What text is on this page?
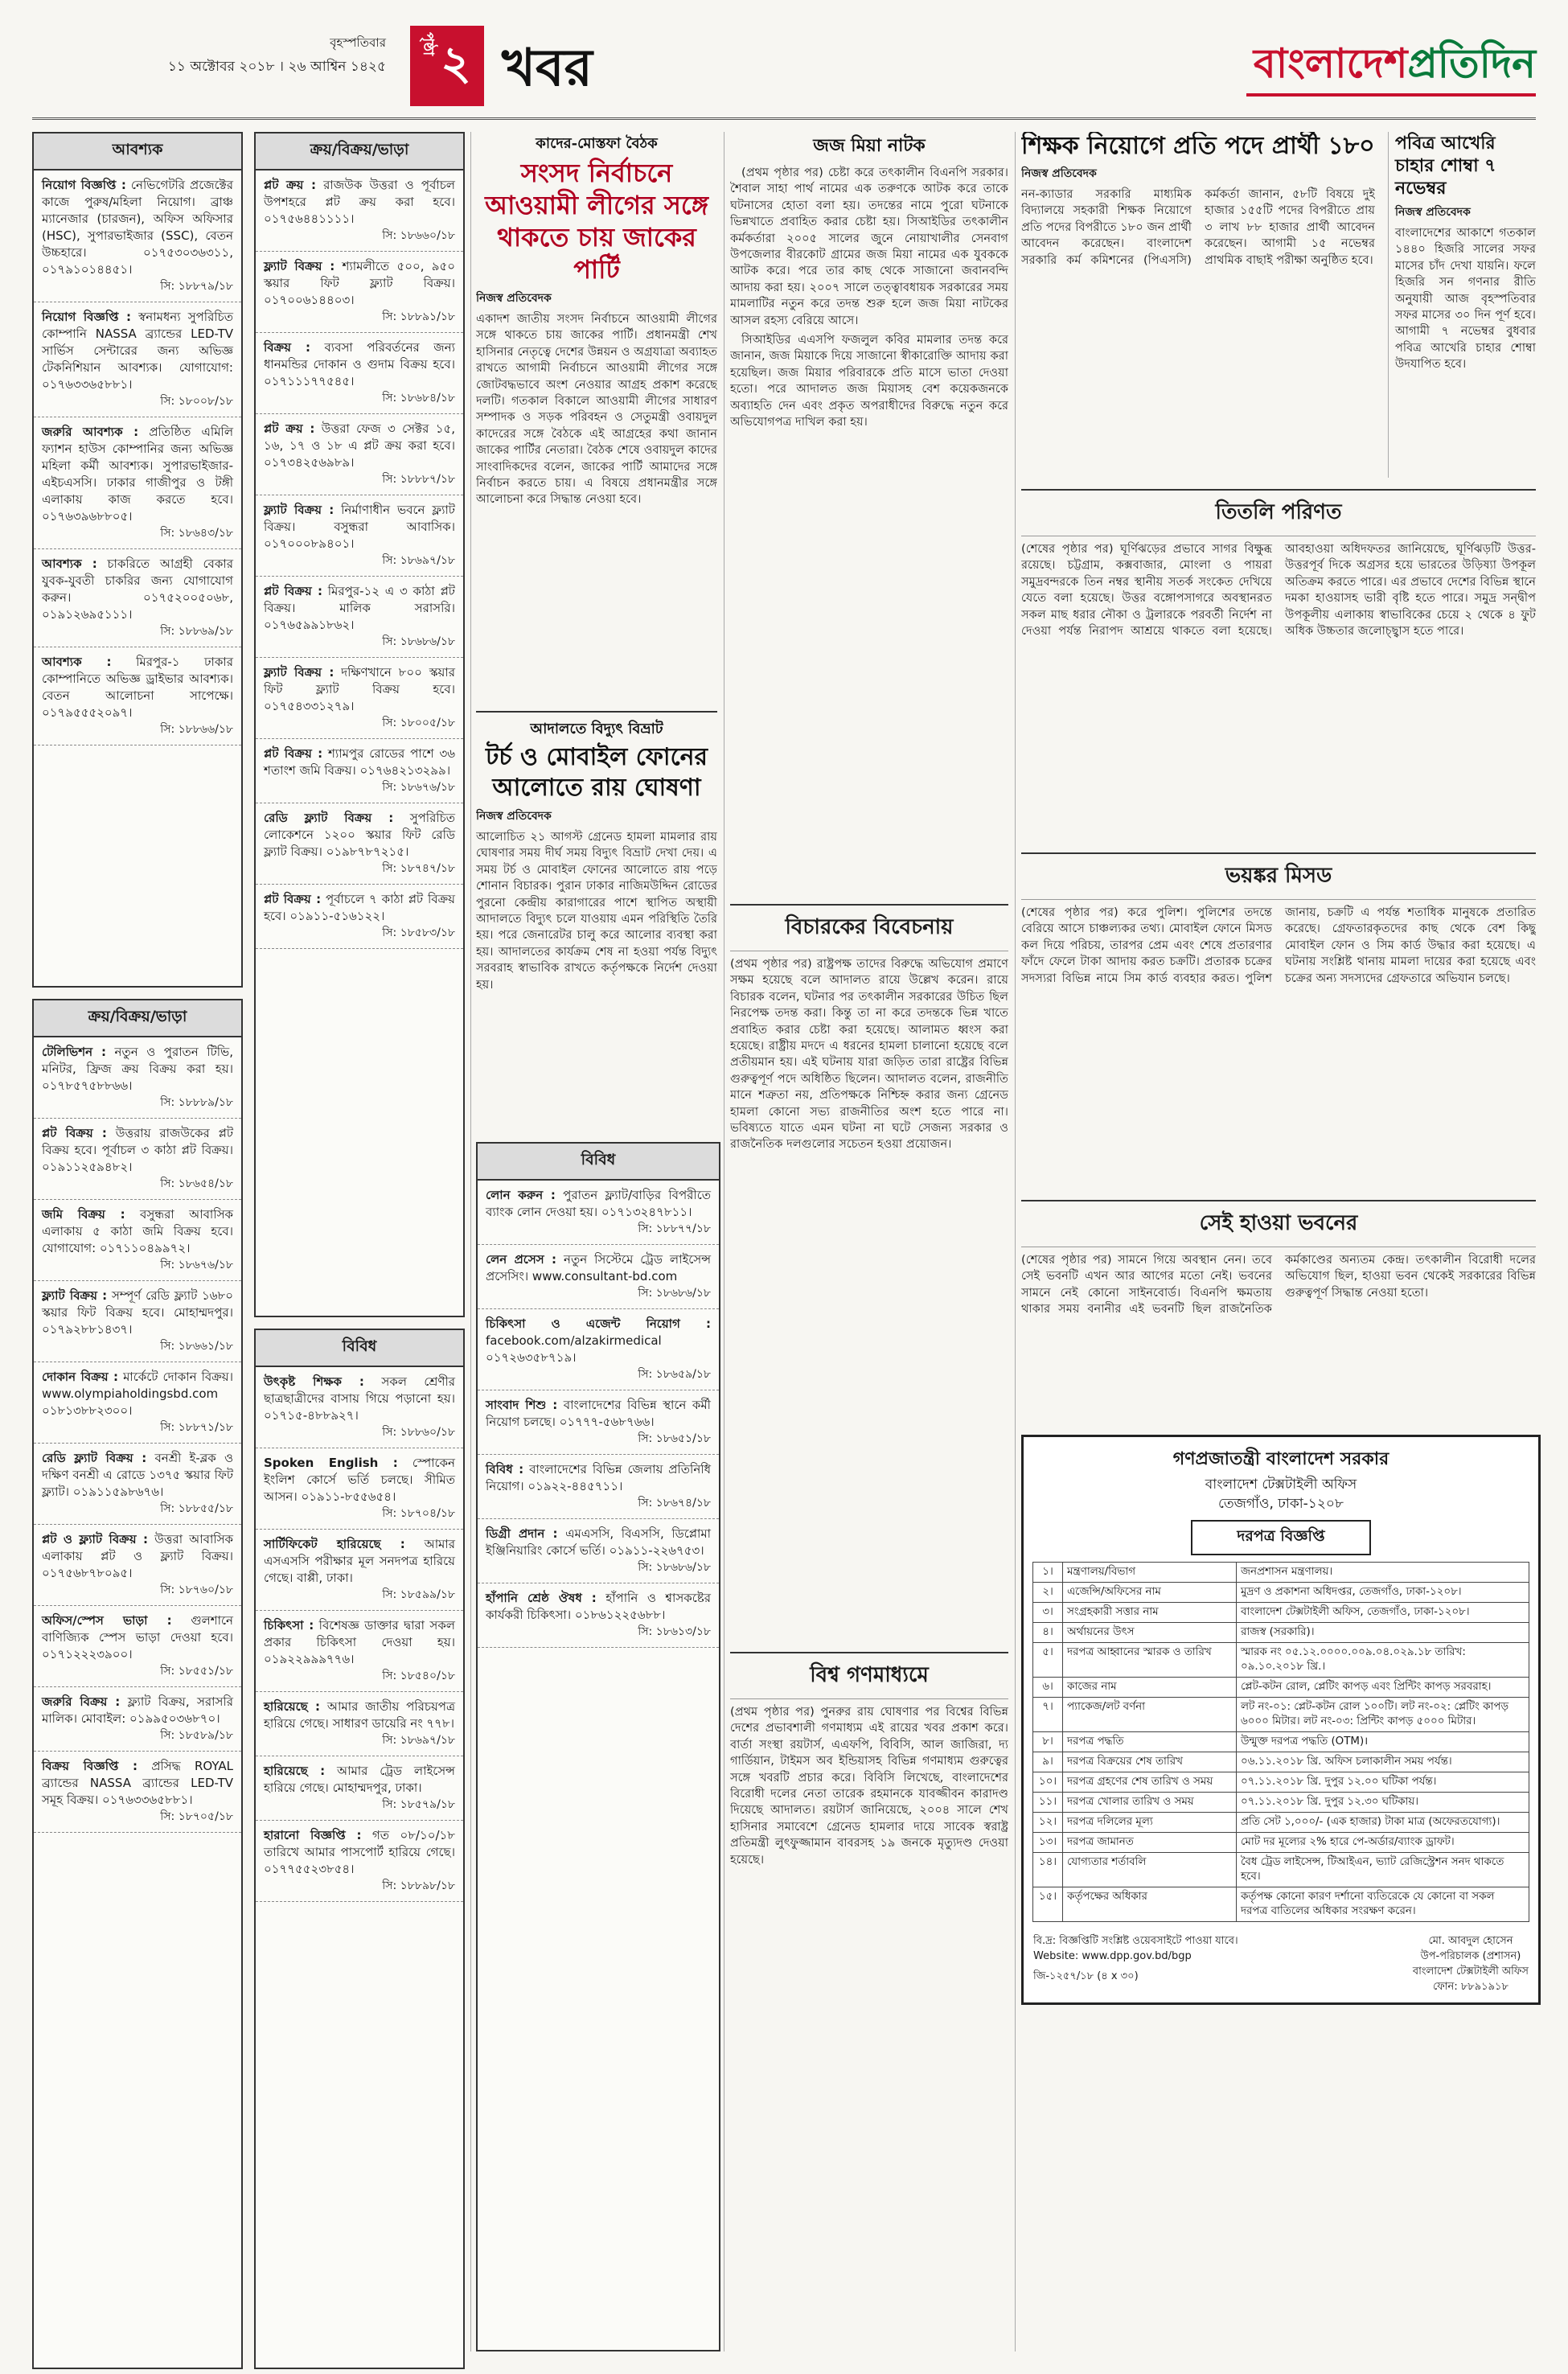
বৃহস্পতিবার
১১ অক্টোবর ২০১৮ । ২৬ আশ্বিন ১৪২৫
পৃষ্ঠা ২ খবর	বাংলাদেশপ্রতিদিন
আবশ্যক
নিয়োগ বিজ্ঞপ্তি : নেভিগেটরি প্রজেক্টের কাজে পুরুষ/মহিলা নিয়োগ। ব্রাঞ্চ ম্যানেজার (চারজন), অফিস অফিসার (HSC), সুপারভাইজার (SSC), বেতন উচ্চহারে। ০১৭৫৩০৩৬৩১১, ০১৭৯১০১৪৪৫১।
সি: ১৮৮৭৯/১৮
নিয়োগ বিজ্ঞপ্তি : স্বনামধন্য সুপরিচিত কোম্পানি NASSA ব্র্যান্ডের LED-TV সার্ভিস সেন্টারের জন্য অভিজ্ঞ টেকনিশিয়ান আবশ্যক। যোগাযোগ: ০১৭৬৩৩৬৫৮৮১।
সি: ১৮০০৮/১৮
জরুরি আবশ্যক : প্রতিষ্ঠিত এমিলি ফ্যাশন হাউস কোম্পানির জন্য অভিজ্ঞ মহিলা কর্মী আবশ্যক। সুপারভাইজার-এইচএসসি। ঢাকার গাজীপুর ও টঙ্গী এলাকায় কাজ করতে হবে। ০১৭৬৩৯৬৮৮০৫।
সি: ১৮৬৪৩/১৮
আবশ্যক : চাকরিতে আগ্রহী বেকার যুবক-যুবতী চাকরির জন্য যোগাযোগ করুন। ০১৭৫২০০৫০৬৮, ০১৯১২৬৯৫১১১।
সি: ১৮৮৬৯/১৮
আবশ্যক : মিরপুর-১ ঢাকার কোম্পানিতে অভিজ্ঞ ড্রাইভার আবশ্যক। বেতন আলোচনা সাপেক্ষে। ০১৭৯৫৫৫২০৯৭।
সি: ১৮৮৬৬/১৮
ক্রয়/বিক্রয়/ভাড়া
টেলিভিশন : নতুন ও পুরাতন টিভি, মনিটর, ফ্রিজ ক্রয় বিক্রয় করা হয়। ০১৭৮৫৭৫৮৮৬৬।
সি: ১৮৮৮৯/১৮
প্লট বিক্রয় : উত্তরায় রাজউকের প্লট বিক্রয় হবে। পূর্বাচল ৩ কাঠা প্লট বিক্রয়। ০১৯১১২৫৯৪৮২।
সি: ১৮৬৫৪/১৮
জমি বিক্রয় : বসুন্ধরা আবাসিক এলাকায় ৫ কাঠা জমি বিক্রয় হবে। যোগাযোগ: ০১৭১১০৪৯৯৭২।
সি: ১৮৬৭৬/১৮
ফ্ল্যাট বিক্রয় : সম্পূর্ণ রেডি ফ্ল্যাট ১৬৮০ স্কয়ার ফিট বিক্রয় হবে। মোহাম্মদপুর। ০১৭৯২৮৮১৪৩৭।
সি: ১৮৬৬১/১৮
দোকান বিক্রয় : মার্কেটে দোকান বিক্রয়। www.olympiaholdingsbd.com ০১৮১৩৮৮২৩০০।
সি: ১৮৮৭১/১৮
রেডি ফ্ল্যাট বিক্রয় : বনশ্রী ই-ব্লক ও দক্ষিণ বনশ্রী এ রোডে ১৩৭৫ স্কয়ার ফিট ফ্ল্যাট। ০১৯১১৫৯৮৬৭৬।
সি: ১৮৮৫৫/১৮
প্লট ও ফ্ল্যাট বিক্রয় : উত্তরা আবাসিক এলাকায় প্লট ও ফ্ল্যাট বিক্রয়। ০১৭৫৬৮৭৮০৯৫।
সি: ১৮৭৬০/১৮
অফিস/স্পেস ভাড়া : গুলশানে বাণিজ্যিক স্পেস ভাড়া দেওয়া হবে। ০১৭১২২২৩৯০০।
সি: ১৮৫৫১/১৮
জরুরি বিক্রয় : ফ্ল্যাট বিক্রয়, সরাসরি মালিক। মোবাইল: ০১৯৯৫০৩৬৮৭০।
সি: ১৮৫৮৯/১৮
বিক্রয় বিজ্ঞপ্তি : প্রসিদ্ধ ROYAL ব্র্যান্ডের NASSA ব্র্যান্ডের LED-TV সমূহ বিক্রয়। ০১৭৬৩৩৬৫৮৮১।
সি: ১৮৭০৫/১৮
ক্রয়/বিক্রয়/ভাড়া
প্লট ক্রয় : রাজউক উত্তরা ও পূর্বাচল উপশহরে প্লট ক্রয় করা হবে। ০১৭৫৬৪৪১১১১।
সি: ১৮৬৬০/১৮
ফ্ল্যাট বিক্রয় : শ্যামলীতে ৫০০, ৯৫০ স্কয়ার ফিট ফ্ল্যাট বিক্রয়। ০১৭০০৬১৪৪০৩।
সি: ১৮৮৯১/১৮
বিক্রয় : ব্যবসা পরিবর্তনের জন্য ধানমন্ডির দোকান ও গুদাম বিক্রয় হবে। ০১৭১১১৭৭৫৪৫।
সি: ১৮৬৮৪/১৮
প্লট ক্রয় : উত্তরা ফেজ ৩ সেক্টর ১৫, ১৬, ১৭ ও ১৮ এ প্লট ক্রয় করা হবে। ০১৭৩৪২৫৬৯৮৯।
সি: ১৮৮৮৭/১৮
ফ্ল্যাট বিক্রয় : নির্মাণাধীন ভবনে ফ্ল্যাট বিক্রয়। বসুন্ধরা আবাসিক। ০১৭০০০৮৯৪০১।
সি: ১৮৬৯৭/১৮
প্লট বিক্রয় : মিরপুর-১২ এ ৩ কাঠা প্লট বিক্রয়। মালিক সরাসরি। ০১৭৬৫৯৯১৮৬২।
সি: ১৮৬৮৬/১৮
ফ্ল্যাট বিক্রয় : দক্ষিণখানে ৮০০ স্কয়ার ফিট ফ্ল্যাট বিক্রয় হবে। ০১৭৫৪৩৩১২৭৯।
সি: ১৮০০৫/১৮
প্লট বিক্রয় : শ্যামপুর রোডের পাশে ৩৬ শতাংশ জমি বিক্রয়। ০১৭৬৪২১৩২৯৯।
সি: ১৮৬৭৬/১৮
রেডি ফ্ল্যাট বিক্রয় : সুপরিচিত লোকেশনে ১২০০ স্কয়ার ফিট রেডি ফ্ল্যাট বিক্রয়। ০১৯৮৭৮৭২১৫।
সি: ১৮৭৪৭/১৮
প্লট বিক্রয় : পূর্বাচলে ৭ কাঠা প্লট বিক্রয় হবে। ০১৯১১-৫১৬১২২।
সি: ১৮৫৮৩/১৮
বিবিধ
উৎকৃষ্ট শিক্ষক : সকল শ্রেণীর ছাত্রছাত্রীদের বাসায় গিয়ে পড়ানো হয়। ০১৭১৫-৪৮৮৯২৭।
সি: ১৮৮৬০/১৮
Spoken English : স্পোকেন ইংলিশ কোর্সে ভর্তি চলছে। সীমিত আসন। ০১৯১১-৮৫৫৬৫৪।
সি: ১৮৭০৪/১৮
সার্টিফিকেট হারিয়েছে : আমার এসএসসি পরীক্ষার মূল সনদপত্র হারিয়ে গেছে। বাপ্পী, ঢাকা।
সি: ১৮৫৯৯/১৮
চিকিৎসা : বিশেষজ্ঞ ডাক্তার দ্বারা সকল প্রকার চিকিৎসা দেওয়া হয়। ০১৯২২৯৯৯৭৭৬।
সি: ১৮৫৪০/১৮
হারিয়েছে : আমার জাতীয় পরিচয়পত্র হারিয়ে গেছে। সাধারণ ডায়েরি নং ৭৭৮।
সি: ১৮৬৯৭/১৮
হারিয়েছে : আমার ট্রেড লাইসেন্স হারিয়ে গেছে। মোহাম্মদপুর, ঢাকা।
সি: ১৮৫৭৯/১৮
হারানো বিজ্ঞপ্তি : গত ০৮/১০/১৮ তারিখে আমার পাসপোর্ট হারিয়ে গেছে। ০১৭৭৫৫২৩৮৫৪।
সি: ১৮৮৯৮/১৮
কাদের-মোস্তফা বৈঠক
সংসদ নির্বাচনে আওয়ামী লীগের সঙ্গে থাকতে চায় জাকের পার্টি
নিজস্ব প্রতিবেদক
একাদশ জাতীয় সংসদ নির্বাচনে আওয়ামী লীগের সঙ্গে থাকতে চায় জাকের পার্টি। প্রধানমন্ত্রী শেখ হাসিনার নেতৃত্বে দেশের উন্নয়ন ও অগ্রযাত্রা অব্যাহত রাখতে আগামী নির্বাচনে আওয়ামী লীগের সঙ্গে জোটবদ্ধভাবে অংশ নেওয়ার আগ্রহ প্রকাশ করেছে দলটি। গতকাল বিকালে আওয়ামী লীগের সাধারণ সম্পাদক ও সড়ক পরিবহন ও সেতুমন্ত্রী ওবায়দুল কাদেরের সঙ্গে বৈঠকে এই আগ্রহের কথা জানান জাকের পার্টির নেতারা। বৈঠক শেষে ওবায়দুল কাদের সাংবাদিকদের বলেন, জাকের পার্টি আমাদের সঙ্গে নির্বাচন করতে চায়। এ বিষয়ে প্রধানমন্ত্রীর সঙ্গে আলোচনা করে সিদ্ধান্ত নেওয়া হবে।
আদালতে বিদ্যুৎ বিভ্রাট
টর্চ ও মোবাইল ফোনের আলোতে রায় ঘোষণা
নিজস্ব প্রতিবেদক
আলোচিত ২১ আগস্ট গ্রেনেড হামলা মামলার রায় ঘোষণার সময় দীর্ঘ সময় বিদ্যুৎ বিভ্রাট দেখা দেয়। এ সময় টর্চ ও মোবাইল ফোনের আলোতে রায় পড়ে শোনান বিচারক। পুরান ঢাকার নাজিমউদ্দিন রোডের পুরনো কেন্দ্রীয় কারাগারের পাশে স্থাপিত অস্থায়ী আদালতে বিদ্যুৎ চলে যাওয়ায় এমন পরিস্থিতি তৈরি হয়। পরে জেনারেটর চালু করে আলোর ব্যবস্থা করা হয়। আদালতের কার্যক্রম শেষ না হওয়া পর্যন্ত বিদ্যুৎ সরবরাহ স্বাভাবিক রাখতে কর্তৃপক্ষকে নির্দেশ দেওয়া হয়।
বিবিধ
লোন করুন : পুরাতন ফ্ল্যাট/বাড়ির বিপরীতে ব্যাংক লোন দেওয়া হয়। ০১৭১৩২৪৭৮১১।
সি: ১৮৮৭৭/১৮
লেন প্রসেস : নতুন সিস্টেমে ট্রেড লাইসেন্স প্রসেসিং। www.consultant-bd.com
সি: ১৮৬৮৬/১৮
চিকিৎসা ও এজেন্ট নিয়োগ : facebook.com/alzakirmedical ০১৭২৬৩৫৮৭১৯।
সি: ১৮৬৫৯/১৮
সাংবাদ শিশু : বাংলাদেশের বিভিন্ন স্থানে কর্মী নিয়োগ চলছে। ০১৭৭৭-৫৬৮৭৬৬।
সি: ১৮৬৫১/১৮
বিবিধ : বাংলাদেশের বিভিন্ন জেলায় প্রতিনিধি নিয়োগ। ০১৯২২-৪৪৫৭১১।
সি: ১৮৬৭৪/১৮
ডিগ্রী প্রদান : এমএসসি, বিএসসি, ডিপ্লোমা ইঞ্জিনিয়ারিং কোর্সে ভর্তি। ০১৯১১-২২৬৭৫৩।
সি: ১৮৬৮৬/১৮
হাঁপানি শ্রেষ্ঠ ঔষধ : হাঁপানি ও শ্বাসকষ্টের কার্যকরী চিকিৎসা। ০১৮৬১২২৫৬৮৮।
সি: ১৮৬১৩/১৮
জজ মিয়া নাটক

(প্রথম পৃষ্ঠার পর) চেষ্টা করে তৎকালীন বিএনপি সরকার। শৈবাল সাহা পার্থ নামের এক তরুণকে আটক করে তাকে ঘটনাসের হোতা বলা হয়। তদন্তের নামে পুরো ঘটনাকে ভিন্নখাতে প্রবাহিত করার চেষ্টা হয়। সিআইডির তৎকালীন কর্মকর্তারা ২০০৫ সালের জুনে নোয়াখালীর সেনবাগ উপজেলার বীরকোট গ্রামের জজ মিয়া নামের এক যুবককে আটক করে। পরে তার কাছ থেকে সাজানো জবানবন্দি আদায় করা হয়। ২০০৭ সালে তত্ত্বাবধায়ক সরকারের সময় মামলাটির নতুন করে তদন্ত শুরু হলে জজ মিয়া নাটকের আসল রহস্য বেরিয়ে আসে।

সিআইডির এএসপি ফজলুল কবির মামলার তদন্ত করে জানান, জজ মিয়াকে দিয়ে সাজানো স্বীকারোক্তি আদায় করা হয়েছিল। জজ মিয়ার পরিবারকে প্রতি মাসে ভাতা দেওয়া হতো। পরে আদালত জজ মিয়াসহ বেশ কয়েকজনকে অব্যাহতি দেন এবং প্রকৃত অপরাধীদের বিরুদ্ধে নতুন করে অভিযোগপত্র দাখিল করা হয়।

বিচারকের বিবেচনায়
(প্রথম পৃষ্ঠার পর) রাষ্ট্রপক্ষ তাদের বিরুদ্ধে অভিযোগ প্রমাণে সক্ষম হয়েছে বলে আদালত রায়ে উল্লেখ করেন। রায়ে বিচারক বলেন, ঘটনার পর তৎকালীন সরকারের উচিত ছিল নিরপেক্ষ তদন্ত করা। কিন্তু তা না করে তদন্তকে ভিন্ন খাতে প্রবাহিত করার চেষ্টা করা হয়েছে। আলামত ধ্বংস করা হয়েছে। রাষ্ট্রীয় মদদে এ ধরনের হামলা চালানো হয়েছে বলে প্রতীয়মান হয়। এই ঘটনায় যারা জড়িত তারা রাষ্ট্রের বিভিন্ন গুরুত্বপূর্ণ পদে অধিষ্ঠিত ছিলেন। আদালত বলেন, রাজনীতি মানে শত্রুতা নয়, প্রতিপক্ষকে নিশ্চিহ্ন করার জন্য গ্রেনেড হামলা কোনো সভ্য রাজনীতির অংশ হতে পারে না। ভবিষ্যতে যাতে এমন ঘটনা না ঘটে সেজন্য সরকার ও রাজনৈতিক দলগুলোর সচেতন হওয়া প্রয়োজন।
বিশ্ব গণমাধ্যমে
(প্রথম পৃষ্ঠার পর) পুনরুর রায় ঘোষণার পর বিশ্বের বিভিন্ন দেশের প্রভাবশালী গণমাধ্যম এই রায়ের খবর প্রকাশ করে। বার্তা সংস্থা রয়টার্স, এএফপি, বিবিসি, আল জাজিরা, দ্য গার্ডিয়ান, টাইমস অব ইন্ডিয়াসহ বিভিন্ন গণমাধ্যম গুরুত্বের সঙ্গে খবরটি প্রচার করে। বিবিসি লিখেছে, বাংলাদেশের বিরোধী দলের নেতা তারেক রহমানকে যাবজ্জীবন কারাদণ্ড দিয়েছে আদালত। রয়টার্স জানিয়েছে, ২০০৪ সালে শেখ হাসিনার সমাবেশে গ্রেনেড হামলার দায়ে সাবেক স্বরাষ্ট্র প্রতিমন্ত্রী লুৎফুজ্জামান বাবরসহ ১৯ জনকে মৃত্যুদণ্ড দেওয়া হয়েছে।
শিক্ষক নিয়োগে প্রতি পদে প্রার্থী ১৮০
নিজস্ব প্রতিবেদক
নন-ক্যাডার সরকারি মাধ্যমিক বিদ্যালয়ে সহকারী শিক্ষক নিয়োগে প্রতি পদের বিপরীতে ১৮০ জন প্রার্থী আবেদন করেছেন। বাংলাদেশ সরকারি কর্ম কমিশনের (পিএসসি) কর্মকর্তা জানান, ৫৮টি বিষয়ে দুই হাজার ১৫৫টি পদের বিপরীতে প্রায় ৩ লাখ ৮৮ হাজার প্রার্থী আবেদন করেছেন। আগামী ১৫ নভেম্বর প্রাথমিক বাছাই পরীক্ষা অনুষ্ঠিত হবে।
পবিত্র আখেরি চাহার শোম্বা ৭ নভেম্বর
নিজস্ব প্রতিবেদক
বাংলাদেশের আকাশে গতকাল ১৪৪০ হিজরি সালের সফর মাসের চাঁদ দেখা যায়নি। ফলে হিজরি সন গণনার রীতি অনুযায়ী আজ বৃহস্পতিবার সফর মাসের ৩০ দিন পূর্ণ হবে। আগামী ৭ নভেম্বর বুধবার পবিত্র আখেরি চাহার শোম্বা উদযাপিত হবে।
তিতলি পরিণত
(শেষের পৃষ্ঠার পর) ঘূর্ণিঝড়ের প্রভাবে সাগর বিক্ষুব্ধ রয়েছে। চট্টগ্রাম, কক্সবাজার, মোংলা ও পায়রা সমুদ্রবন্দরকে তিন নম্বর স্থানীয় সতর্ক সংকেত দেখিয়ে যেতে বলা হয়েছে। উত্তর বঙ্গোপসাগরে অবস্থানরত সকল মাছ ধরার নৌকা ও ট্রলারকে পরবর্তী নির্দেশ না দেওয়া পর্যন্ত নিরাপদ আশ্রয়ে থাকতে বলা হয়েছে। আবহাওয়া অধিদফতর জানিয়েছে, ঘূর্ণিঝড়টি উত্তর-উত্তরপূর্ব দিকে অগ্রসর হয়ে ভারতের উড়িষ্যা উপকূল অতিক্রম করতে পারে। এর প্রভাবে দেশের বিভিন্ন স্থানে দমকা হাওয়াসহ ভারী বৃষ্টি হতে পারে। সমুদ্র সন্দ্বীপ উপকূলীয় এলাকায় স্বাভাবিকের চেয়ে ২ থেকে ৪ ফুট অধিক উচ্চতার জলোচ্ছ্বাস হতে পারে।
ভয়ঙ্কর মিসড
(শেষের পৃষ্ঠার পর) করে পুলিশ। পুলিশের তদন্তে বেরিয়ে আসে চাঞ্চল্যকর তথ্য। মোবাইল ফোনে মিসড কল দিয়ে পরিচয়, তারপর প্রেম এবং শেষে প্রতারণার ফাঁদে ফেলে টাকা আদায় করত চক্রটি। প্রতারক চক্রের সদস্যরা বিভিন্ন নামে সিম কার্ড ব্যবহার করত। পুলিশ জানায়, চক্রটি এ পর্যন্ত শতাধিক মানুষকে প্রতারিত করেছে। গ্রেফতারকৃতদের কাছ থেকে বেশ কিছু মোবাইল ফোন ও সিম কার্ড উদ্ধার করা হয়েছে। এ ঘটনায় সংশ্লিষ্ট থানায় মামলা দায়ের করা হয়েছে এবং চক্রের অন্য সদস্যদের গ্রেফতারে অভিযান চলছে।
সেই হাওয়া ভবনের
(শেষের পৃষ্ঠার পর) সামনে গিয়ে অবস্থান নেন। তবে সেই ভবনটি এখন আর আগের মতো নেই। ভবনের সামনে নেই কোনো সাইনবোর্ড। বিএনপি ক্ষমতায় থাকার সময় বনানীর এই ভবনটি ছিল রাজনৈতিক কর্মকাণ্ডের অন্যতম কেন্দ্র। তৎকালীন বিরোধী দলের অভিযোগ ছিল, হাওয়া ভবন থেকেই সরকারের বিভিন্ন গুরুত্বপূর্ণ সিদ্ধান্ত নেওয়া হতো।
গণপ্রজাতন্ত্রী বাংলাদেশ সরকার
বাংলাদেশ টেক্সটাইলী অফিস
তেজগাঁও, ঢাকা-১২০৮
দরপত্র বিজ্ঞপ্তি
১।	মন্ত্রণালয়/বিভাগ	জনপ্রশাসন মন্ত্রণালয়।
২।	এজেন্সি/অফিসের নাম	মুদ্রণ ও প্রকাশনা অধিদপ্তর, তেজগাঁও, ঢাকা-১২০৮।
৩।	সংগ্রহকারী সত্তার নাম	বাংলাদেশ টেক্সটাইলী অফিস, তেজগাঁও, ঢাকা-১২০৮।
৪।	অর্থায়নের উৎস	রাজস্ব (সরকারি)।
৫।	দরপত্র আহ্বানের স্মারক ও তারিখ	স্মারক নং ০৫.১২.০০০০.০০৯.০৪.০২৯.১৮ তারিখ: ০৯.১০.২০১৮ খ্রি.।
৬।	কাজের নাম	প্লেট-কটন রোল, প্লেটিং কাপড় এবং প্রিন্টিং কাপড় সরবরাহ।
৭।	প্যাকেজ/লট বর্ণনা	লট নং-০১: প্লেট-কটন রোল ১০০টি। লট নং-০২: প্লেটিং কাপড় ৬০০০ মিটার। লট নং-০৩: প্রিন্টিং কাপড় ৫০০০ মিটার।
৮।	দরপত্র পদ্ধতি	উন্মুক্ত দরপত্র পদ্ধতি (OTM)।
৯।	দরপত্র বিক্রয়ের শেষ তারিখ	০৬.১১.২০১৮ খ্রি. অফিস চলাকালীন সময় পর্যন্ত।
১০।	দরপত্র গ্রহণের শেষ তারিখ ও সময়	০৭.১১.২০১৮ খ্রি. দুপুর ১২.০০ ঘটিকা পর্যন্ত।
১১।	দরপত্র খোলার তারিখ ও সময়	০৭.১১.২০১৮ খ্রি. দুপুর ১২.৩০ ঘটিকায়।
১২।	দরপত্র দলিলের মূল্য	প্রতি সেট ১,০০০/- (এক হাজার) টাকা মাত্র (অফেরতযোগ্য)।
১৩।	দরপত্র জামানত	মোট দর মূল্যের ২% হারে পে-অর্ডার/ব্যাংক ড্রাফট।
১৪।	যোগ্যতার শর্তাবলি	বৈধ ট্রেড লাইসেন্স, টিআইএন, ভ্যাট রেজিস্ট্রেশন সনদ থাকতে হবে।
১৫।	কর্তৃপক্ষের অধিকার	কর্তৃপক্ষ কোনো কারণ দর্শানো ব্যতিরেকে যে কোনো বা সকল দরপত্র বাতিলের অধিকার সংরক্ষণ করেন।
বি.দ্র: বিজ্ঞপ্তিটি সংশ্লিষ্ট ওয়েবসাইটে পাওয়া যাবে।
Website: www.dpp.gov.bd/bgp
জি-১২৫৭/১৮ (৪ x ৩০)
মো. আবদুল হোসেন
উপ-পরিচালক (প্রশাসন)
বাংলাদেশ টেক্সটাইলী অফিস
ফোন: ৮৮৯১৯১৮
